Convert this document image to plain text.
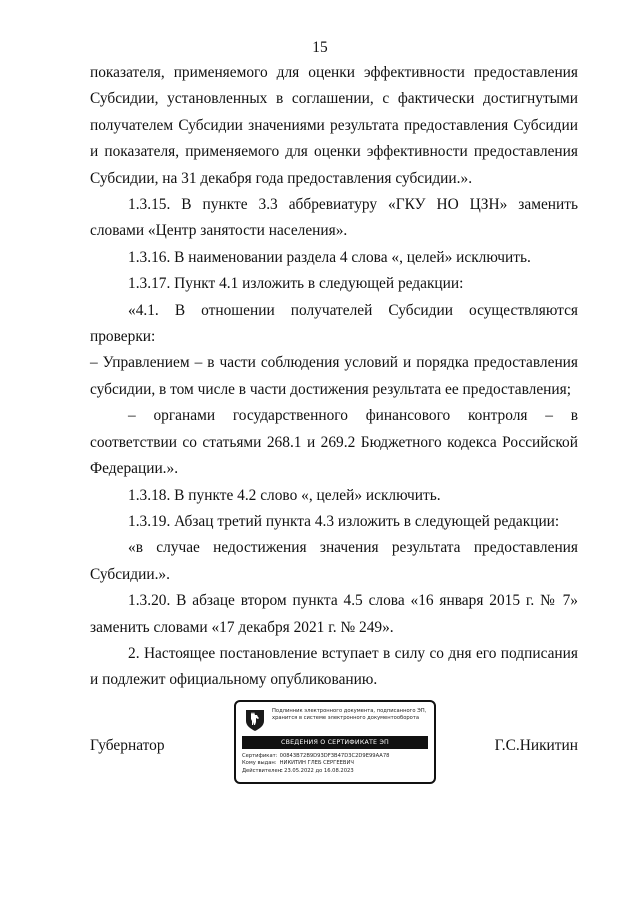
15

показателя, применяемого для оценки эффективности предоставления Субсидии, установленных в соглашении, с фактически достигнутыми получателем Субсидии значениями результата предоставления Субсидии и показателя, применяемого для оценки эффективности предоставления Субсидии, на 31 декабря года предоставления субсидии.».

1.3.15. В пункте 3.3 аббревиатуру «ГКУ НО ЦЗН» заменить словами «Центр занятости населения».

1.3.16. В наименовании раздела 4 слова «, целей» исключить.

1.3.17. Пункт 4.1 изложить в следующей редакции:

«4.1. В отношении получателей Субсидии осуществляются проверки:

– Управлением – в части соблюдения условий и порядка предоставления субсидии, в том числе в части достижения результата ее предоставления;

– органами государственного финансового контроля – в соответствии со статьями 268.1 и 269.2 Бюджетного кодекса Российской Федерации.».

1.3.18. В пункте 4.2 слово «, целей» исключить.

1.3.19. Абзац третий пункта 4.3 изложить в следующей редакции:

«в случае недостижения значения результата предоставления Субсидии.».

1.3.20. В абзаце втором пункта 4.5 слова «16 января 2015 г. № 7» заменить словами «17 декабря 2021 г. № 249».

2. Настоящее постановление вступает в силу со дня его подписания и подлежит официальному опубликованию.

Губернатор
Подлинник электронного документа, подписанного ЭП,
хранится в системе электронного документооборота
СВЕДЕНИЯ О СЕРТИФИКАТЕ ЭП
Сертификат: 00843B72B9D93DF3B47D3C2D9E99AA78
Кому выдан: НИКИТИН ГЛЕБ СЕРГЕЕВИЧ
Действителен: с 23.05.2022 до 16.08.2023
Г.С.Никитин
